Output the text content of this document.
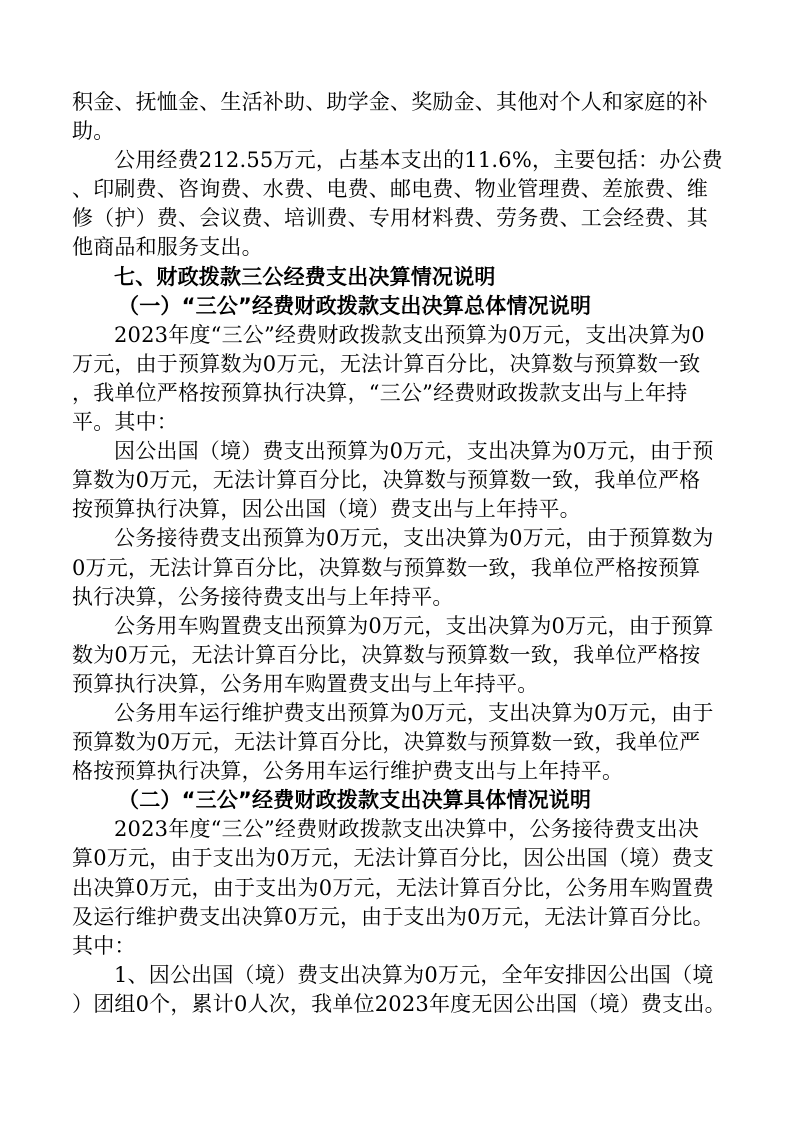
积金、抚恤金、生活补助、助学金、奖励金、其他对个人和家庭的补
助。
公用经费212.55万元，占基本支出的11.6%，主要包括：办公费
、印刷费、咨询费、水费、电费、邮电费、物业管理费、差旅费、维
修（护）费、会议费、培训费、专用材料费、劳务费、工会经费、其
他商品和服务支出。
七、财政拨款三公经费支出决算情况说明
（一）“三公”经费财政拨款支出决算总体情况说明
2023年度“三公”经费财政拨款支出预算为0万元，支出决算为0
万元，由于预算数为0万元，无法计算百分比，决算数与预算数一致
，我单位严格按预算执行决算，“三公”经费财政拨款支出与上年持
平。其中：
因公出国（境）费支出预算为0万元，支出决算为0万元，由于预
算数为0万元，无法计算百分比，决算数与预算数一致，我单位严格
按预算执行决算，因公出国（境）费支出与上年持平。
公务接待费支出预算为0万元，支出决算为0万元，由于预算数为
0万元，无法计算百分比，决算数与预算数一致，我单位严格按预算
执行决算，公务接待费支出与上年持平。
公务用车购置费支出预算为0万元，支出决算为0万元，由于预算
数为0万元，无法计算百分比，决算数与预算数一致，我单位严格按
预算执行决算，公务用车购置费支出与上年持平。
公务用车运行维护费支出预算为0万元，支出决算为0万元，由于
预算数为0万元，无法计算百分比，决算数与预算数一致，我单位严
格按预算执行决算，公务用车运行维护费支出与上年持平。
（二）“三公”经费财政拨款支出决算具体情况说明
2023年度“三公”经费财政拨款支出决算中，公务接待费支出决
算0万元，由于支出为0万元，无法计算百分比，因公出国（境）费支
出决算0万元，由于支出为0万元，无法计算百分比，公务用车购置费
及运行维护费支出决算0万元，由于支出为0万元，无法计算百分比。
其中：
1、因公出国（境）费支出决算为0万元，全年安排因公出国（境
）团组0个，累计0人次，我单位2023年度无因公出国（境）费支出。
